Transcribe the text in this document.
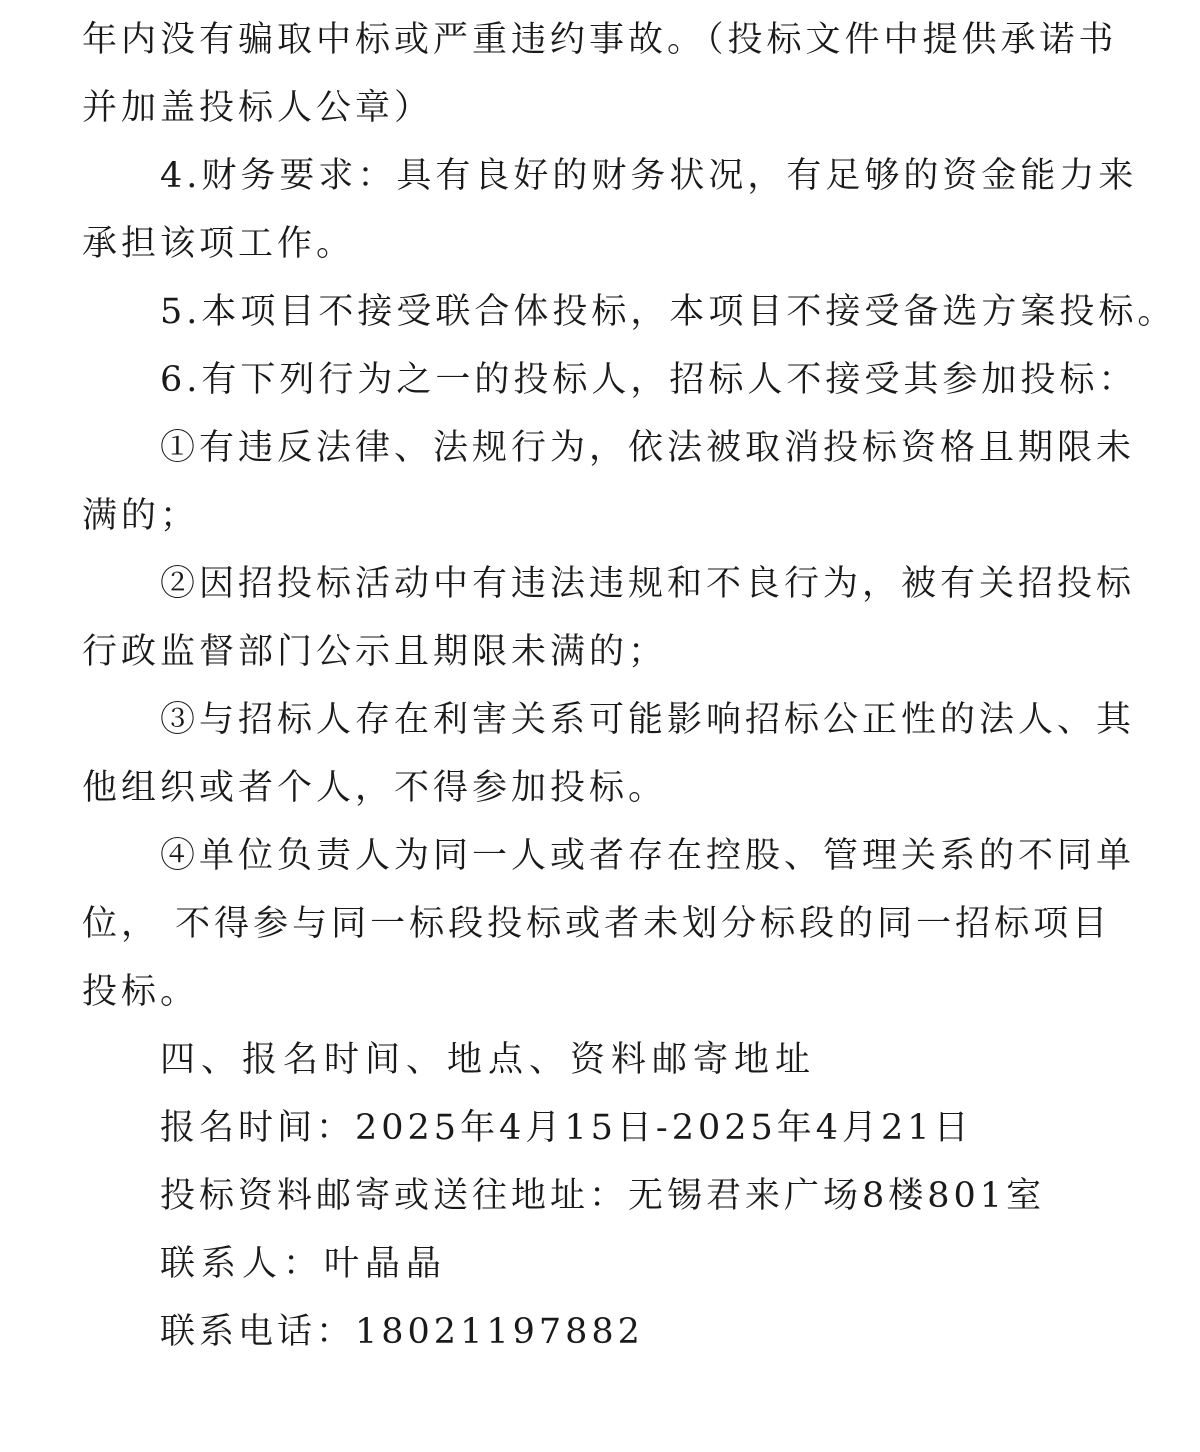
年内没有骗取中标或严重违约事故。（投标文件中提供承诺书

并加盖投标人公章）

4.财务要求：具有良好的财务状况，有足够的资金能力来

承担该项工作。

5.本项目不接受联合体投标，本项目不接受备选方案投标。

6.有下列行为之一的投标人，招标人不接受其参加投标：

①有违反法律、法规行为，依法被取消投标资格且期限未

满的；

②因招投标活动中有违法违规和不良行为，被有关招投标

行政监督部门公示且期限未满的；

③与招标人存在利害关系可能影响招标公正性的法人、其

他组织或者个人，不得参加投标。

④单位负责人为同一人或者存在控股、管理关系的不同单

位， 不得参与同一标段投标或者未划分标段的同一招标项目

投标。

四、报名时间、地点、资料邮寄地址

报名时间：2025年4月15日-2025年4月21日

投标资料邮寄或送往地址：无锡君来广场8楼801室

联系人：叶晶晶

联系电话：18021197882
